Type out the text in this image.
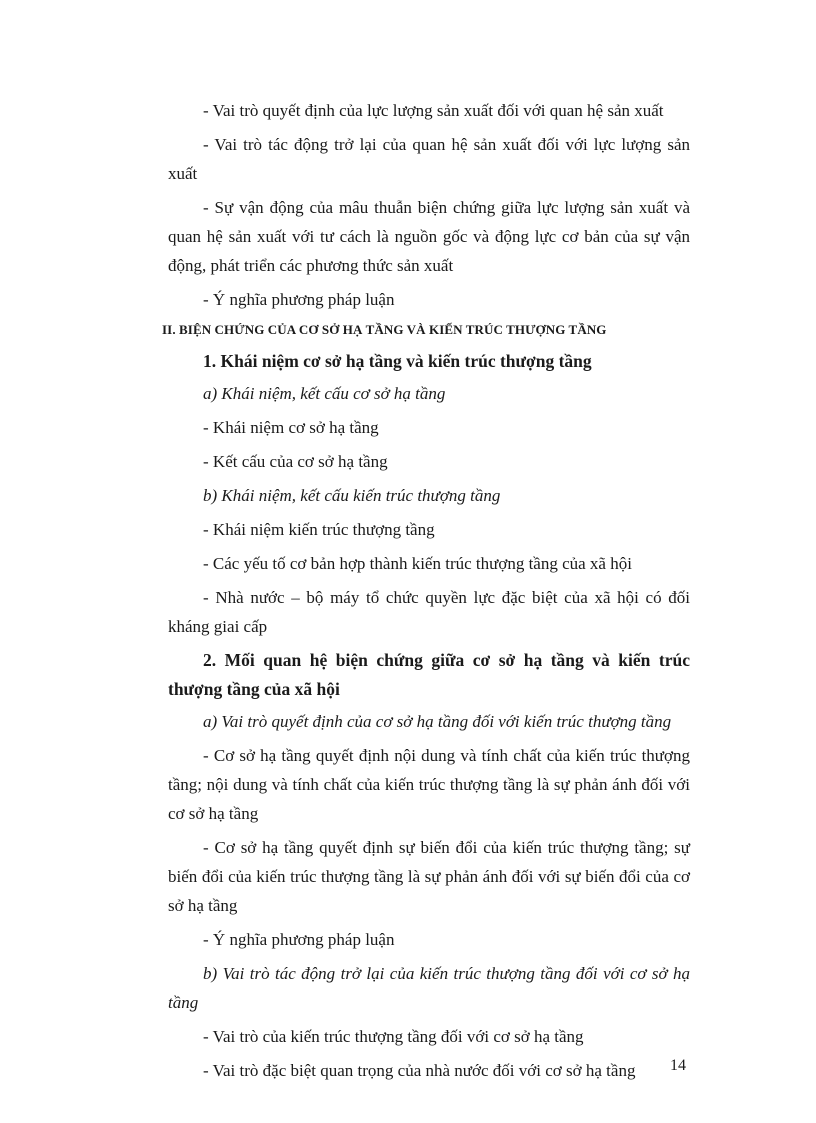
- Vai trò quyết định của lực lượng sản xuất đối với quan hệ sản xuất

- Vai trò tác động trở lại của quan hệ sản xuất đối với lực lượng sản xuất

- Sự vận động của mâu thuẫn biện chứng giữa lực lượng sản xuất và quan hệ sản xuất với tư cách là nguồn gốc và động lực cơ bản của sự vận động, phát triển các phương thức sản xuất

- Ý nghĩa phương pháp luận

II. BIỆN CHỨNG CỦA CƠ SỞ HẠ TẦNG VÀ KIẾN TRÚC THƯỢNG TẦNG

1. Khái niệm cơ sở hạ tầng và kiến trúc thượng tầng

a) Khái niệm, kết cấu cơ sở hạ tầng

- Khái niệm cơ sở hạ tầng

- Kết cấu của cơ sở hạ tầng

b) Khái niệm, kết cấu kiến trúc thượng tầng

- Khái niệm kiến trúc thượng tầng

- Các yếu tố cơ bản hợp thành kiến trúc thượng tầng của xã hội

- Nhà nước – bộ máy tổ chức quyền lực đặc biệt của xã hội có đối kháng giai cấp

2. Mối quan hệ biện chứng giữa cơ sở hạ tầng và kiến trúc thượng tầng của xã hội

a) Vai trò quyết định của cơ sở hạ tầng đối với kiến trúc thượng tầng

- Cơ sở hạ tầng quyết định nội dung và tính chất của kiến trúc thượng tầng; nội dung và tính chất của kiến trúc thượng tầng là sự phản ánh đối với cơ sở hạ tầng

- Cơ sở hạ tầng quyết định sự biến đổi của kiến trúc thượng tầng; sự biến đổi của kiến trúc thượng tầng là sự phản ánh đối với sự biến đổi của cơ sở hạ tầng

- Ý nghĩa phương pháp luận

b) Vai trò tác động trở lại của kiến trúc thượng tầng đối với cơ sở hạ tầng

- Vai trò của kiến trúc thượng tầng đối với cơ sở hạ tầng

- Vai trò đặc biệt quan trọng của nhà nước đối với cơ sở hạ tầng	14
